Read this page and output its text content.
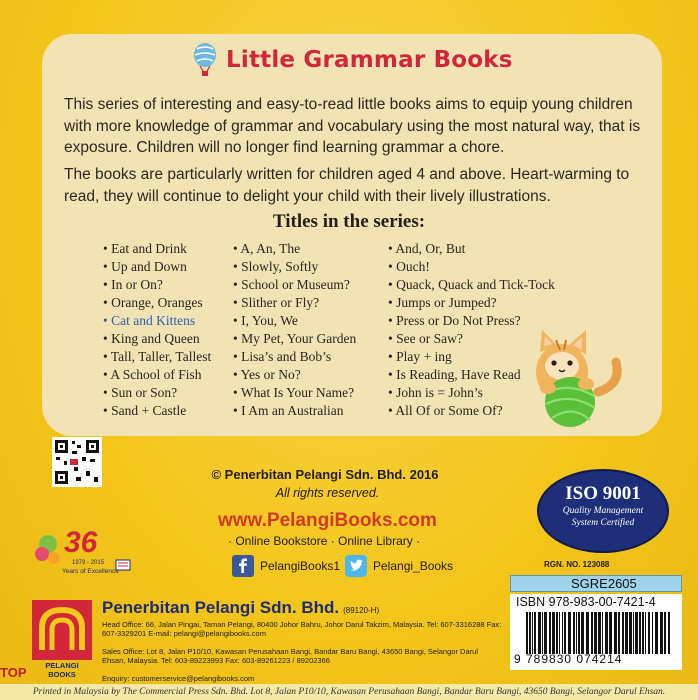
Little Grammar Books

This series of interesting and easy-to-read little books aims to equip young children with more knowledge of grammar and vocabulary using the most natural way, that is exposure. Children will no longer find learning grammar a chore.

The books are particularly written for children aged 4 and above. Heart-warming to read, they will continue to delight your child with their lively illustrations.

Titles in the series:
• Eat and Drink
• Up and Down
• In or On?
• Orange, Oranges
• Cat and Kittens
• King and Queen
• Tall, Taller, Tallest
• A School of Fish
• Sun or Son?
• Sand + Castle
• A, An, The
• Slowly, Softly
• School or Museum?
• Slither or Fly?
• I, You, We
• My Pet, Your Garden
• Lisa’s and Bob’s
• Yes or No?
• What Is Your Name?
• I Am an Australian
• And, Or, But
• Ouch!
• Quack, Quack and Tick-Tock
• Jumps or Jumped?
• Press or Do Not Press?
• See or Saw?
• Play + ing
• Is Reading, Have Read
• John is = John’s
• All Of or Some Of?
36
1979 - 2015
Years of Excellence
© Penerbitan Pelangi Sdn. Bhd. 2016
All rights reserved.
www.PelangiBooks.com
· Online Bookstore · Online Library ·
PelangiBooks1	Pelangi_Books
ISO 9001
Quality Management
System Certified
RGN. NO. 123088
SGRE2605
ISBN 978-983-00-7421-4
9 789830 074214
PELANGI BOOKS
Penerbitan Pelangi Sdn. Bhd. (89120-H)
Head Office: 66, Jalan Pingai, Taman Pelangi, 80400 Johor Bahru, Johor Darul Takzim, Malaysia. Tel: 607-3316288 Fax: 607-3329201 E-mail: pelangi@pelangibooks.com
Sales Office: Lot 8, Jalan P10/10, Kawasan Perusahaan Bangi, Bandar Baru Bangi, 43650 Bangi, Selangor Darul Ehsan, Malaysia. Tel: 603-89223993 Fax: 603-89261223 / 89202366
Enquiry: customerservice@pelangibooks.com
Printed in Malaysia by The Commercial Press Sdn. Bhd. Lot 8, Jalan P10/10, Kawasan Perusahaan Bangi, Bandar Baru Bangi, 43650 Bangi, Selangor Darul Ehsan.
TOP
